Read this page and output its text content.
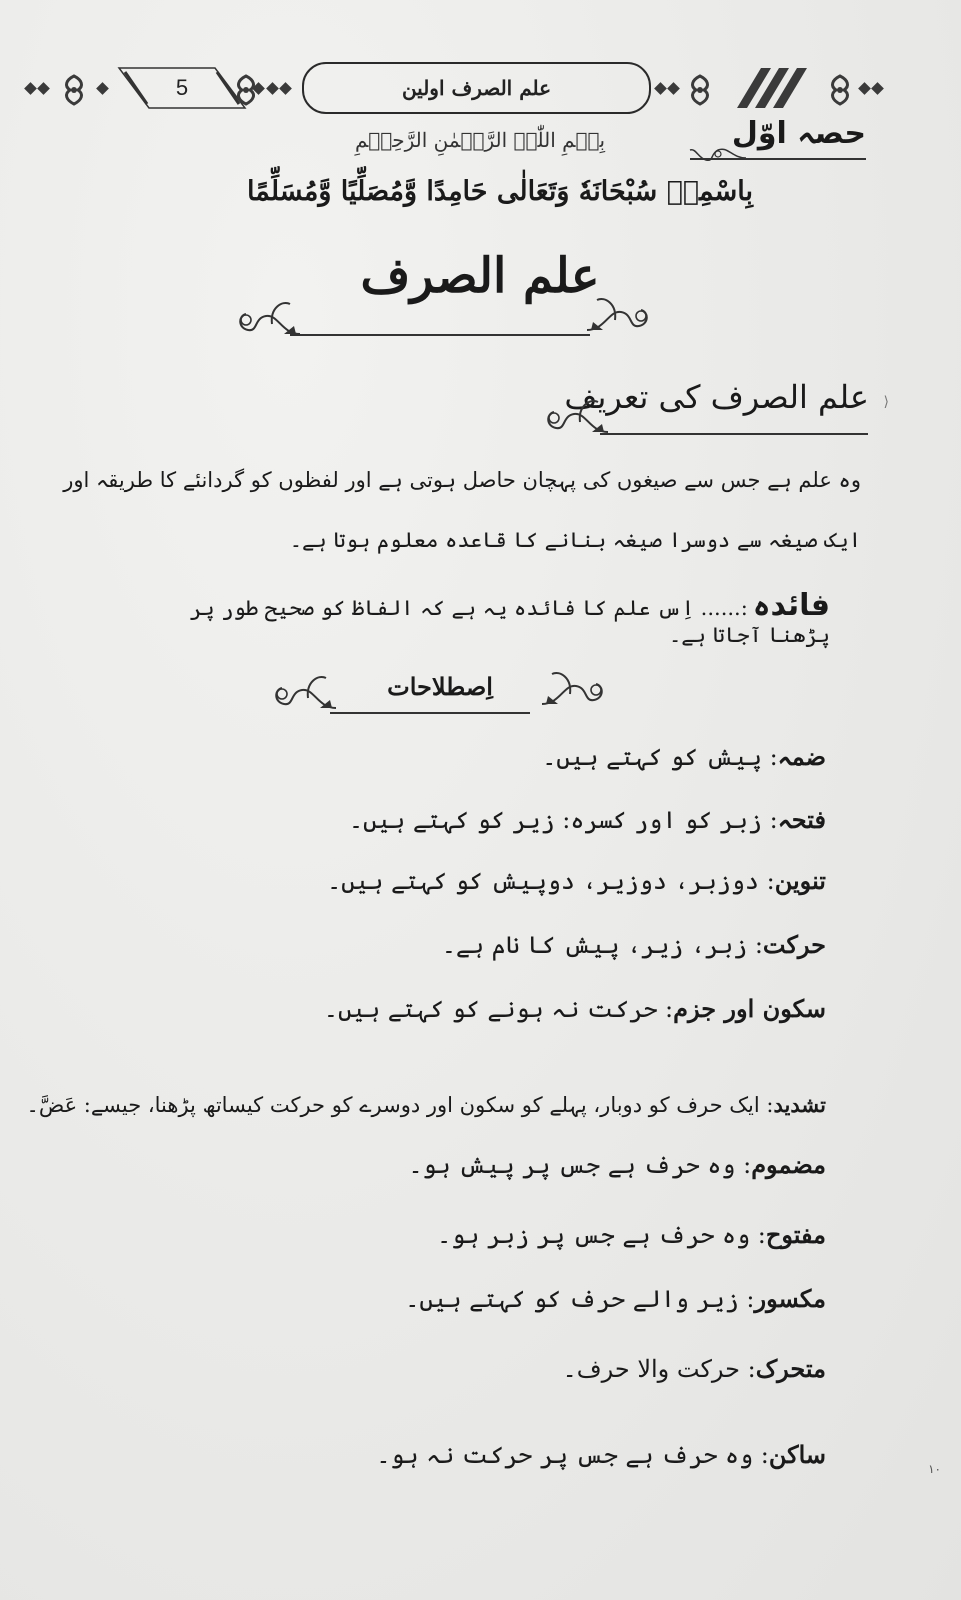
5	علم الصرف اولین
حصہ اوّل
بِسۡمِ اللّٰہِ الرَّحۡمٰنِ الرَّحِیۡمِ
بِاسْمِهٖ سُبْحَانَهٗ وَتَعَالٰی حَامِدًا وَّمُصَلِّيًا وَّمُسَلِّمًا
علم الصرف
علم الصرف کی تعریف ⟩
وہ علم ہے جس سے صیغوں کی پہچان حاصل ہوتی ہے اور لفظوں کو گردانئے کا طریقہ اور
ایک صیغہ سے دوسرا صیغہ بنانے کا قاعدہ معلوم ہوتا ہے۔
فائدہ :...... اِس علم کا فائدہ یہ ہے کہ الفاظ کو صحیح طور پر پڑھنا آجاتا ہے۔
اِصطلاحات
ضمہ: پیش کو کہتے ہیں۔
فتحہ: زبر کو اور کسرہ: زیر کو کہتے ہیں۔
تنوین: دوزبر، دوزیر، دوپیش کو کہتے ہیں۔
حرکت: زبر، زیر، پیش کا نام ہے۔
سکون اور جزم: حرکت نہ ہونے کو کہتے ہیں۔
تشدید: ایک حرف کو دوبار، پہلے کو سکون اور دوسرے کو حرکت کیساتھ پڑھنا، جیسے: عَضَّ۔
مضموم: وہ حرف ہے جس پر پیش ہو۔
مفتوح: وہ حرف ہے جس پر زبر ہو۔
مکسور: زیر والے حرف کو کہتے ہیں۔
متحرک: حرکت والا حرف۔
ساکن: وہ حرف ہے جس پر حرکت نہ ہو۔	١٠
